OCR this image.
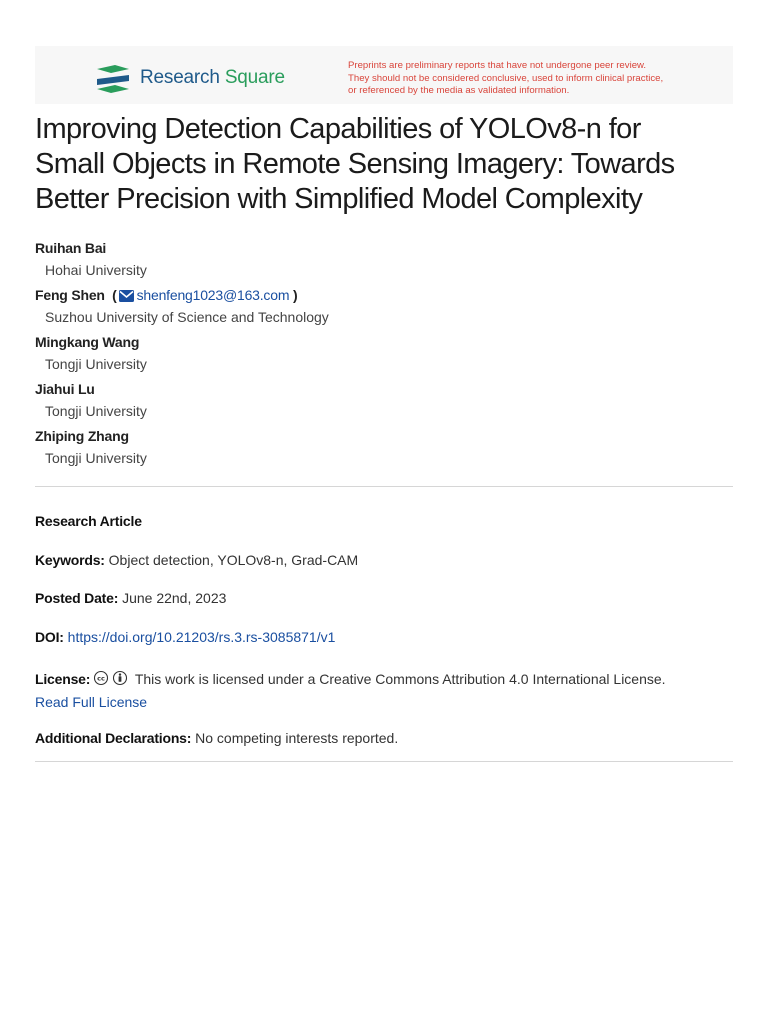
Research Square
Preprints are preliminary reports that have not undergone peer review.
They should not be considered conclusive, used to inform clinical practice,
or referenced by the media as validated information.
Improving Detection Capabilities of YOLOv8-n for
Small Objects in Remote Sensing Imagery: Towards
Better Precision with Simplified Model Complexity
Ruihan Bai
Hohai University
Feng Shen  ( shenfeng1023@163.com )
Suzhou University of Science and Technology
Mingkang Wang
Tongji University
Jiahui Lu
Tongji University
Zhiping Zhang
Tongji University
Research Article
Keywords: Object detection, YOLOv8-n, Grad-CAM
Posted Date: June 22nd, 2023
DOI: https://doi.org/10.21203/rs.3.rs-3085871/v1
License: cc This work is licensed under a Creative Commons Attribution 4.0 International License.
Read Full License
Additional Declarations: No competing interests reported.
